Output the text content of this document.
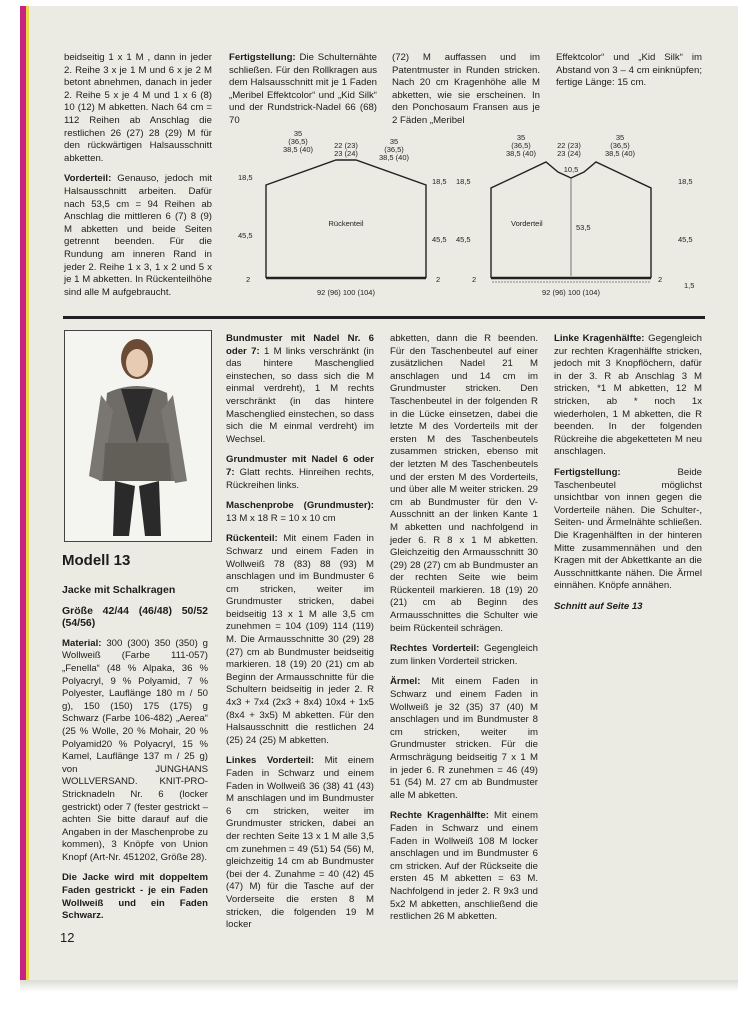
beidseitig 1 x 1 M , dann in jeder 2. Reihe 3 x je 1 M und 6 x je 2 M betont abnehmen, danach in jeder 2. Reihe 5 x je 4 M und 1 x 6 (8) 10 (12) M abketten. Nach 64 cm = 112 Reihen ab Anschlag die restlichen 26 (27) 28 (29) M für den rückwärtigen Halsausschnitt abketten.

Vorderteil: Genauso, jedoch mit Halsausschnitt arbeiten. Dafür nach 53,5 cm = 94 Reihen ab Anschlag die mittleren 6 (7) 8 (9) M abketten und beide Seiten getrennt beenden. Für die Rundung am inneren Rand in jeder 2. Reihe 1 x 3, 1 x 2 und 5 x je 1 M abketten. In Rückenteilhöhe sind alle M aufgebraucht.

Fertigstellung: Die Schulternähte schließen. Für den Rollkragen aus dem Halsausschnitt mit je 1 Faden „Meribel Effektcolor“ und „Kid Silk“ und der Rundstrick-Nadel 66 (68) 70

(72) M auffassen und im Patentmuster in Runden stricken. Nach 20 cm Kragenhöhe alle M abketten, wie sie erscheinen. In den Ponchosaum Fransen aus je 2 Fäden „Meribel

Effektcolor“ und „Kid Silk“ im Abstand von 3 – 4 cm einknüpfen; fertige Länge: 15 cm.

35
(36,5)
38,5 (40)	22 (23)
23 (24)
35
(36,5)
38,5 (40)
Rückenteil
18,5	18,5
45,5	45,5
2	2
92 (96) 100 (104)
35
(36,5)
38,5 (40)
22 (23)
23 (24)
35
(36,5)
38,5 (40)
10,5
Vorderteil	53,5
18,5	18,5
45,5	45,5
2	2
1,5
92 (96) 100 (104)
Modell 13

Jacke mit Schalkragen

Größe 42/44 (46/48) 50/52 (54/56)

Material: 300 (300) 350 (350) g Wollweiß (Farbe 111-057) „Fenella“ (48 % Alpaka, 36 % Polyacryl, 9 % Polyamid, 7 % Polyester, Lauflänge 180 m / 50 g), 150 (150) 175 (175) g Schwarz (Farbe 106-482) „Aerea“ (25 % Wolle, 20 % Mohair, 20 % Polyamid20 % Polyacryl, 15 % Kamel, Lauflänge 137 m / 25 g) von JUNGHANS WOLLVERSAND. KNIT-PRO-Stricknadeln Nr. 6 (locker gestrickt) oder 7 (fester gestrickt – achten Sie bitte darauf auf die Angaben in der Maschenprobe zu kommen), 3 Knöpfe von Union Knopf (Art-Nr. 451202, Größe 28).

Die Jacke wird mit doppeltem Faden gestrickt - je ein Faden Wollweiß und ein Faden Schwarz.

Bundmuster mit Nadel Nr. 6 oder 7: 1 M links verschränkt (in das hintere Maschenglied einstechen, so dass sich die M einmal verdreht), 1 M rechts verschränkt (in das hintere Maschenglied einstechen, so dass sich die M einmal verdreht) im Wechsel.

Grundmuster mit Nadel 6 oder 7: Glatt rechts. Hinreihen rechts, Rückreihen links.

Maschenprobe (Grundmuster): 13 M x 18 R = 10 x 10 cm

Rückenteil: Mit einem Faden in Schwarz und einem Faden in Wollweiß 78 (83) 88 (93) M anschlagen und im Bundmuster 6 cm stricken, weiter im Grundmuster stricken, dabei beidseitig 13 x 1 M alle 3,5 cm zunehmen = 104 (109) 114 (119) M. Die Armausschnitte 30 (29) 28 (27) cm ab Bundmuster beidseitig markieren. 18 (19) 20 (21) cm ab Beginn der Armausschnitte für die Schultern beidseitig in jeder 2. R 4x3 + 7x4 (2x3 + 8x4) 10x4 + 1x5 (8x4 + 3x5) M abketten. Für den Halsausschnitt die restlichen 24 (25) 24 (25) M abketten.

Linkes Vorderteil: Mit einem Faden in Schwarz und einem Faden in Wollweiß 36 (38) 41 (43) M anschlagen und im Bundmuster 6 cm stricken, weiter im Grundmuster stricken, dabei an der rechten Seite 13 x 1 M alle 3,5 cm zunehmen = 49 (51) 54 (56) M, gleichzeitig 14 cm ab Bundmuster (bei der 4. Zunahme = 40 (42) 45 (47) M) für die Tasche auf der Vorderseite die ersten 8 M stricken, die folgenden 19 M locker

abketten, dann die R beenden. Für den Taschenbeutel auf einer zusätzlichen Nadel 21 M anschlagen und 14 cm im Grundmuster stricken. Den Taschenbeutel in der folgenden R in die Lücke einsetzen, dabei die letzte M des Vorderteils mit der ersten M des Taschenbeutels zusammen stricken, ebenso mit der letzten M des Taschenbeutels und der ersten M des Vorderteils, und über alle M weiter stricken. 29 cm ab Bundmuster für den V-Ausschnitt an der linken Kante 1 M abketten und nachfolgend in jeder 6. R 8 x 1 M abketten. Gleichzeitig den Armausschnitt 30 (29) 28 (27) cm ab Bundmuster an der rechten Seite wie beim Rückenteil markieren. 18 (19) 20 (21) cm ab Beginn des Armausschnittes die Schulter wie beim Rückenteil schrägen.

Rechtes Vorderteil: Gegengleich zum linken Vorderteil stricken.

Ärmel: Mit einem Faden in Schwarz und einem Faden in Wollweiß je 32 (35) 37 (40) M anschlagen und im Bundmuster 8 cm stricken, weiter im Grundmuster stricken. Für die Armschrägung beidseitig 7 x 1 M in jeder 6. R zunehmen = 46 (49) 51 (54) M. 27 cm ab Bundmuster alle M abketten.

Rechte Kragenhälfte: Mit einem Faden in Schwarz und einem Faden in Wollweiß 108 M locker anschlagen und im Bundmuster 6 cm stricken. Auf der Rückseite die ersten 45 M abketten = 63 M. Nachfolgend in jeder 2. R 9x3 und 5x2 M abketten, anschließend die restlichen 26 M abketten.

Linke Kragenhälfte: Gegengleich zur rechten Kragenhälfte stricken, jedoch mit 3 Knopflöchern, dafür in der 3. R ab Anschlag 3 M stricken, *1 M abketten, 12 M stricken, ab * noch 1x wiederholen, 1 M abketten, die R beenden. In der folgenden Rückreihe die abgeketteten M neu anschlagen.

Fertigstellung:	Beide Taschenbeutel möglichst unsichtbar von innen gegen die Vorderteile nähen. Die Schulter-, Seiten- und Ärmelnähte schließen. Die Kragenhälften in der hinteren Mitte zusammennähen und den Kragen mit der Abkettkante an die Ausschnittkante nähen. Die Ärmel einnähen. Knöpfe annähen.

Schnitt auf Seite 13

12
